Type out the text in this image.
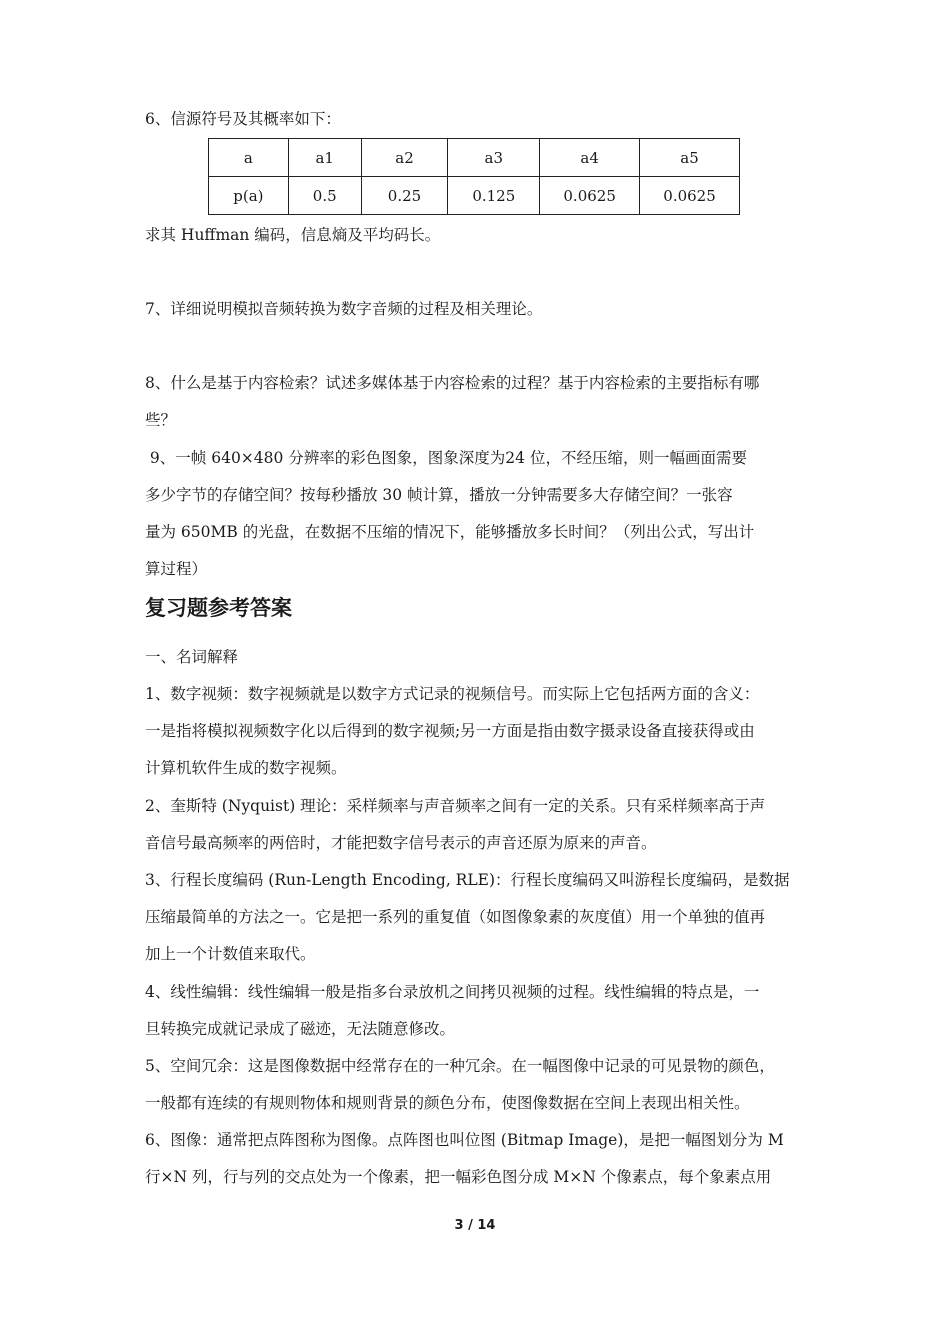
6、信源符号及其概率如下：
a	a1	a2	a3	a4	a5
p(a)	0.5	0.25	0.125	0.0625	0.0625
求其 Huffman 编码，信息熵及平均码长。
7、详细说明模拟音频转换为数字音频的过程及相关理论。
8、什么是基于内容检索？试述多媒体基于内容检索的过程？基于内容检索的主要指标有哪
些？
9、一帧 640×480 分辨率的彩色图象，图象深度为24 位，不经压缩，则一幅画面需要
多少字节的存储空间？按每秒播放 30 帧计算，播放一分钟需要多大存储空间？一张容
量为 650MB 的光盘，在数据不压缩的情况下，能够播放多长时间？（列出公式，写出计
算过程）
复习题参考答案
一、名词解释
1、数字视频：数字视频就是以数字方式记录的视频信号。而实际上它包括两方面的含义：
一是指将模拟视频数字化以后得到的数字视频;另一方面是指由数字摄录设备直接获得或由
计算机软件生成的数字视频。
2、奎斯特 (Nyquist) 理论：采样频率与声音频率之间有一定的关系。只有采样频率高于声
音信号最高频率的两倍时，才能把数字信号表示的声音还原为原来的声音。
3、行程长度编码 (Run-Length Encoding, RLE)：行程长度编码又叫游程长度编码，是数据
压缩最简单的方法之一。它是把一系列的重复值（如图像象素的灰度值）用一个单独的值再
加上一个计数值来取代。
4、线性编辑：线性编辑一般是指多台录放机之间拷贝视频的过程。线性编辑的特点是，一
旦转换完成就记录成了磁迹，无法随意修改。
5、空间冗余：这是图像数据中经常存在的一种冗余。在一幅图像中记录的可见景物的颜色，
一般都有连续的有规则物体和规则背景的颜色分布，使图像数据在空间上表现出相关性。
6、图像：通常把点阵图称为图像。点阵图也叫位图 (Bitmap Image)，是把一幅图划分为 M
行×N 列，行与列的交点处为一个像素，把一幅彩色图分成 M×N 个像素点，每个象素点用
3 / 14
